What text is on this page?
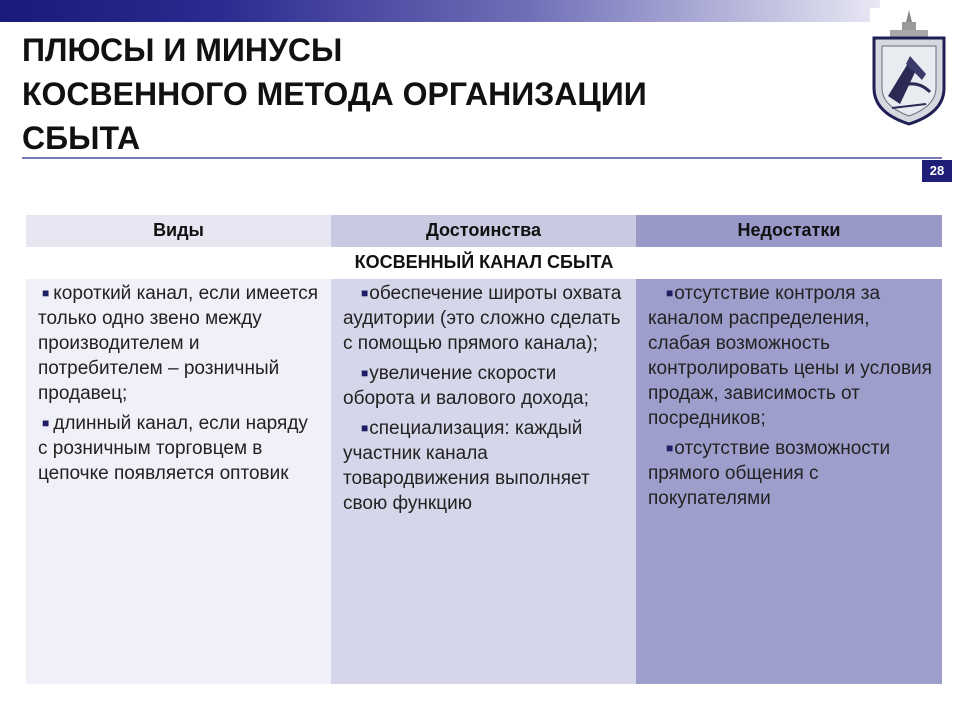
ПЛЮСЫ И МИНУСЫ
КОСВЕННОГО МЕТОДА ОРГАНИЗАЦИИ
СБЫТА
28
Виды	Достоинства	Недостатки
КОСВЕННЫЙ КАНАЛ СБЫТА

■ короткий канал, если имеется только одно звено между производителем и потребителем – розничный продавец;

■ длинный канал, если наряду с розничным торговцем в цепочке появляется оптовик

■обеспечение широты охвата аудитории (это сложно сделать с помощью прямого канала);

■увеличение скорости оборота и валового дохода;

■специализация: каждый участник канала товародвижения выполняет свою функцию

■отсутствие контроля за каналом распределения, слабая возможность контролировать цены и условия продаж, зависимость от посредников;

■отсутствие возможности прямого общения с покупателями
